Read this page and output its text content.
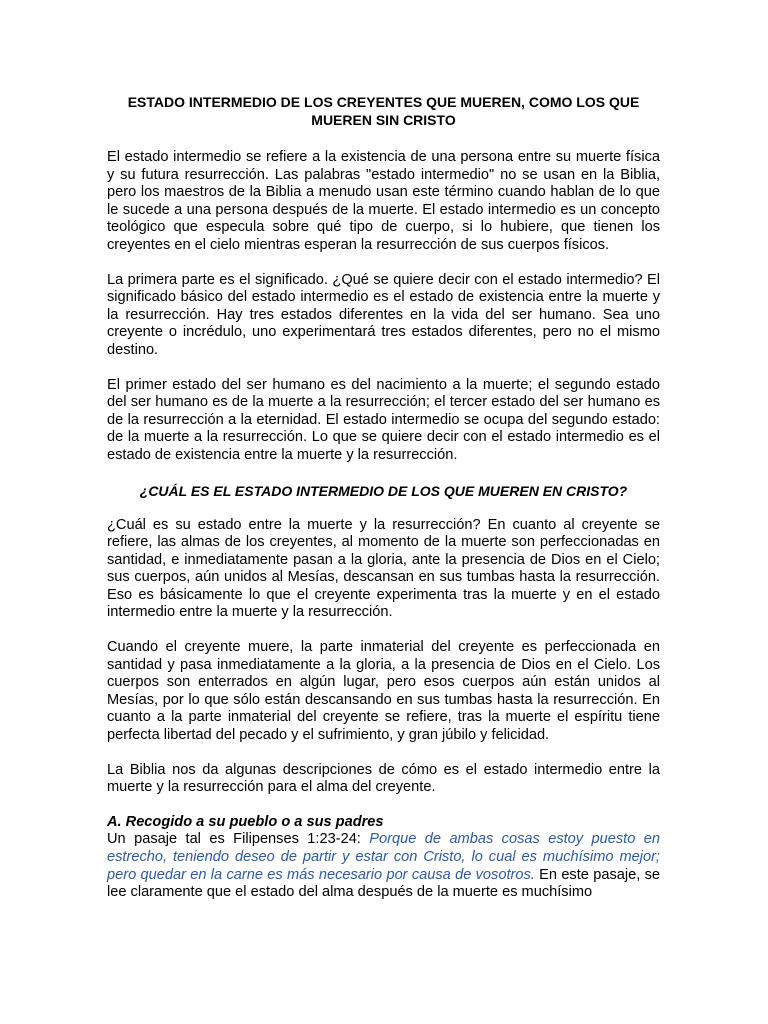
ESTADO INTERMEDIO DE LOS CREYENTES QUE MUEREN, COMO LOS QUE MUEREN SIN CRISTO

El estado intermedio se refiere a la existencia de una persona entre su muerte física y su futura resurrección. Las palabras "estado intermedio" no se usan en la Biblia, pero los maestros de la Biblia a menudo usan este término cuando hablan de lo que le sucede a una persona después de la muerte. El estado intermedio es un concepto teológico que especula sobre qué tipo de cuerpo, si lo hubiere, que tienen los creyentes en el cielo mientras esperan la resurrección de sus cuerpos físicos.

La primera parte es el significado. ¿Qué se quiere decir con el estado intermedio? El significado básico del estado intermedio es el estado de existencia entre la muerte y la resurrección. Hay tres estados diferentes en la vida del ser humano. Sea uno creyente o incrédulo, uno experimentará tres estados diferentes, pero no el mismo destino.

El primer estado del ser humano es del nacimiento a la muerte; el segundo estado del ser humano es de la muerte a la resurrección; el tercer estado del ser humano es de la resurrección a la eternidad. El estado intermedio se ocupa del segundo estado: de la muerte a la resurrección. Lo que se quiere decir con el estado intermedio es el estado de existencia entre la muerte y la resurrección.

¿CUÁL ES EL ESTADO INTERMEDIO DE LOS QUE MUEREN EN CRISTO?

¿Cuál es su estado entre la muerte y la resurrección? En cuanto al creyente se refiere, las almas de los creyentes, al momento de la muerte son perfeccionadas en santidad, e inmediatamente pasan a la gloria, ante la presencia de Dios en el Cielo; sus cuerpos, aún unidos al Mesías, descansan en sus tumbas hasta la resurrección. Eso es básicamente lo que el creyente experimenta tras la muerte y en el estado intermedio entre la muerte y la resurrección.

Cuando el creyente muere, la parte inmaterial del creyente es perfeccionada en santidad y pasa inmediatamente a la gloria, a la presencia de Dios en el Cielo. Los cuerpos son enterrados en algún lugar, pero esos cuerpos aún están unidos al Mesías, por lo que sólo están descansando en sus tumbas hasta la resurrección. En cuanto a la parte inmaterial del creyente se refiere, tras la muerte el espíritu tiene perfecta libertad del pecado y el sufrimiento, y gran júbilo y felicidad.

La Biblia nos da algunas descripciones de cómo es el estado intermedio entre la muerte y la resurrección para el alma del creyente.

A. Recogido a su pueblo o a sus padres

Un pasaje tal es Filipenses 1:23-24: Porque de ambas cosas estoy puesto en estrecho, teniendo deseo de partir y estar con Cristo, lo cual es muchísimo mejor; pero quedar en la carne es más necesario por causa de vosotros. En este pasaje, se lee claramente que el estado del alma después de la muerte es muchísimo
